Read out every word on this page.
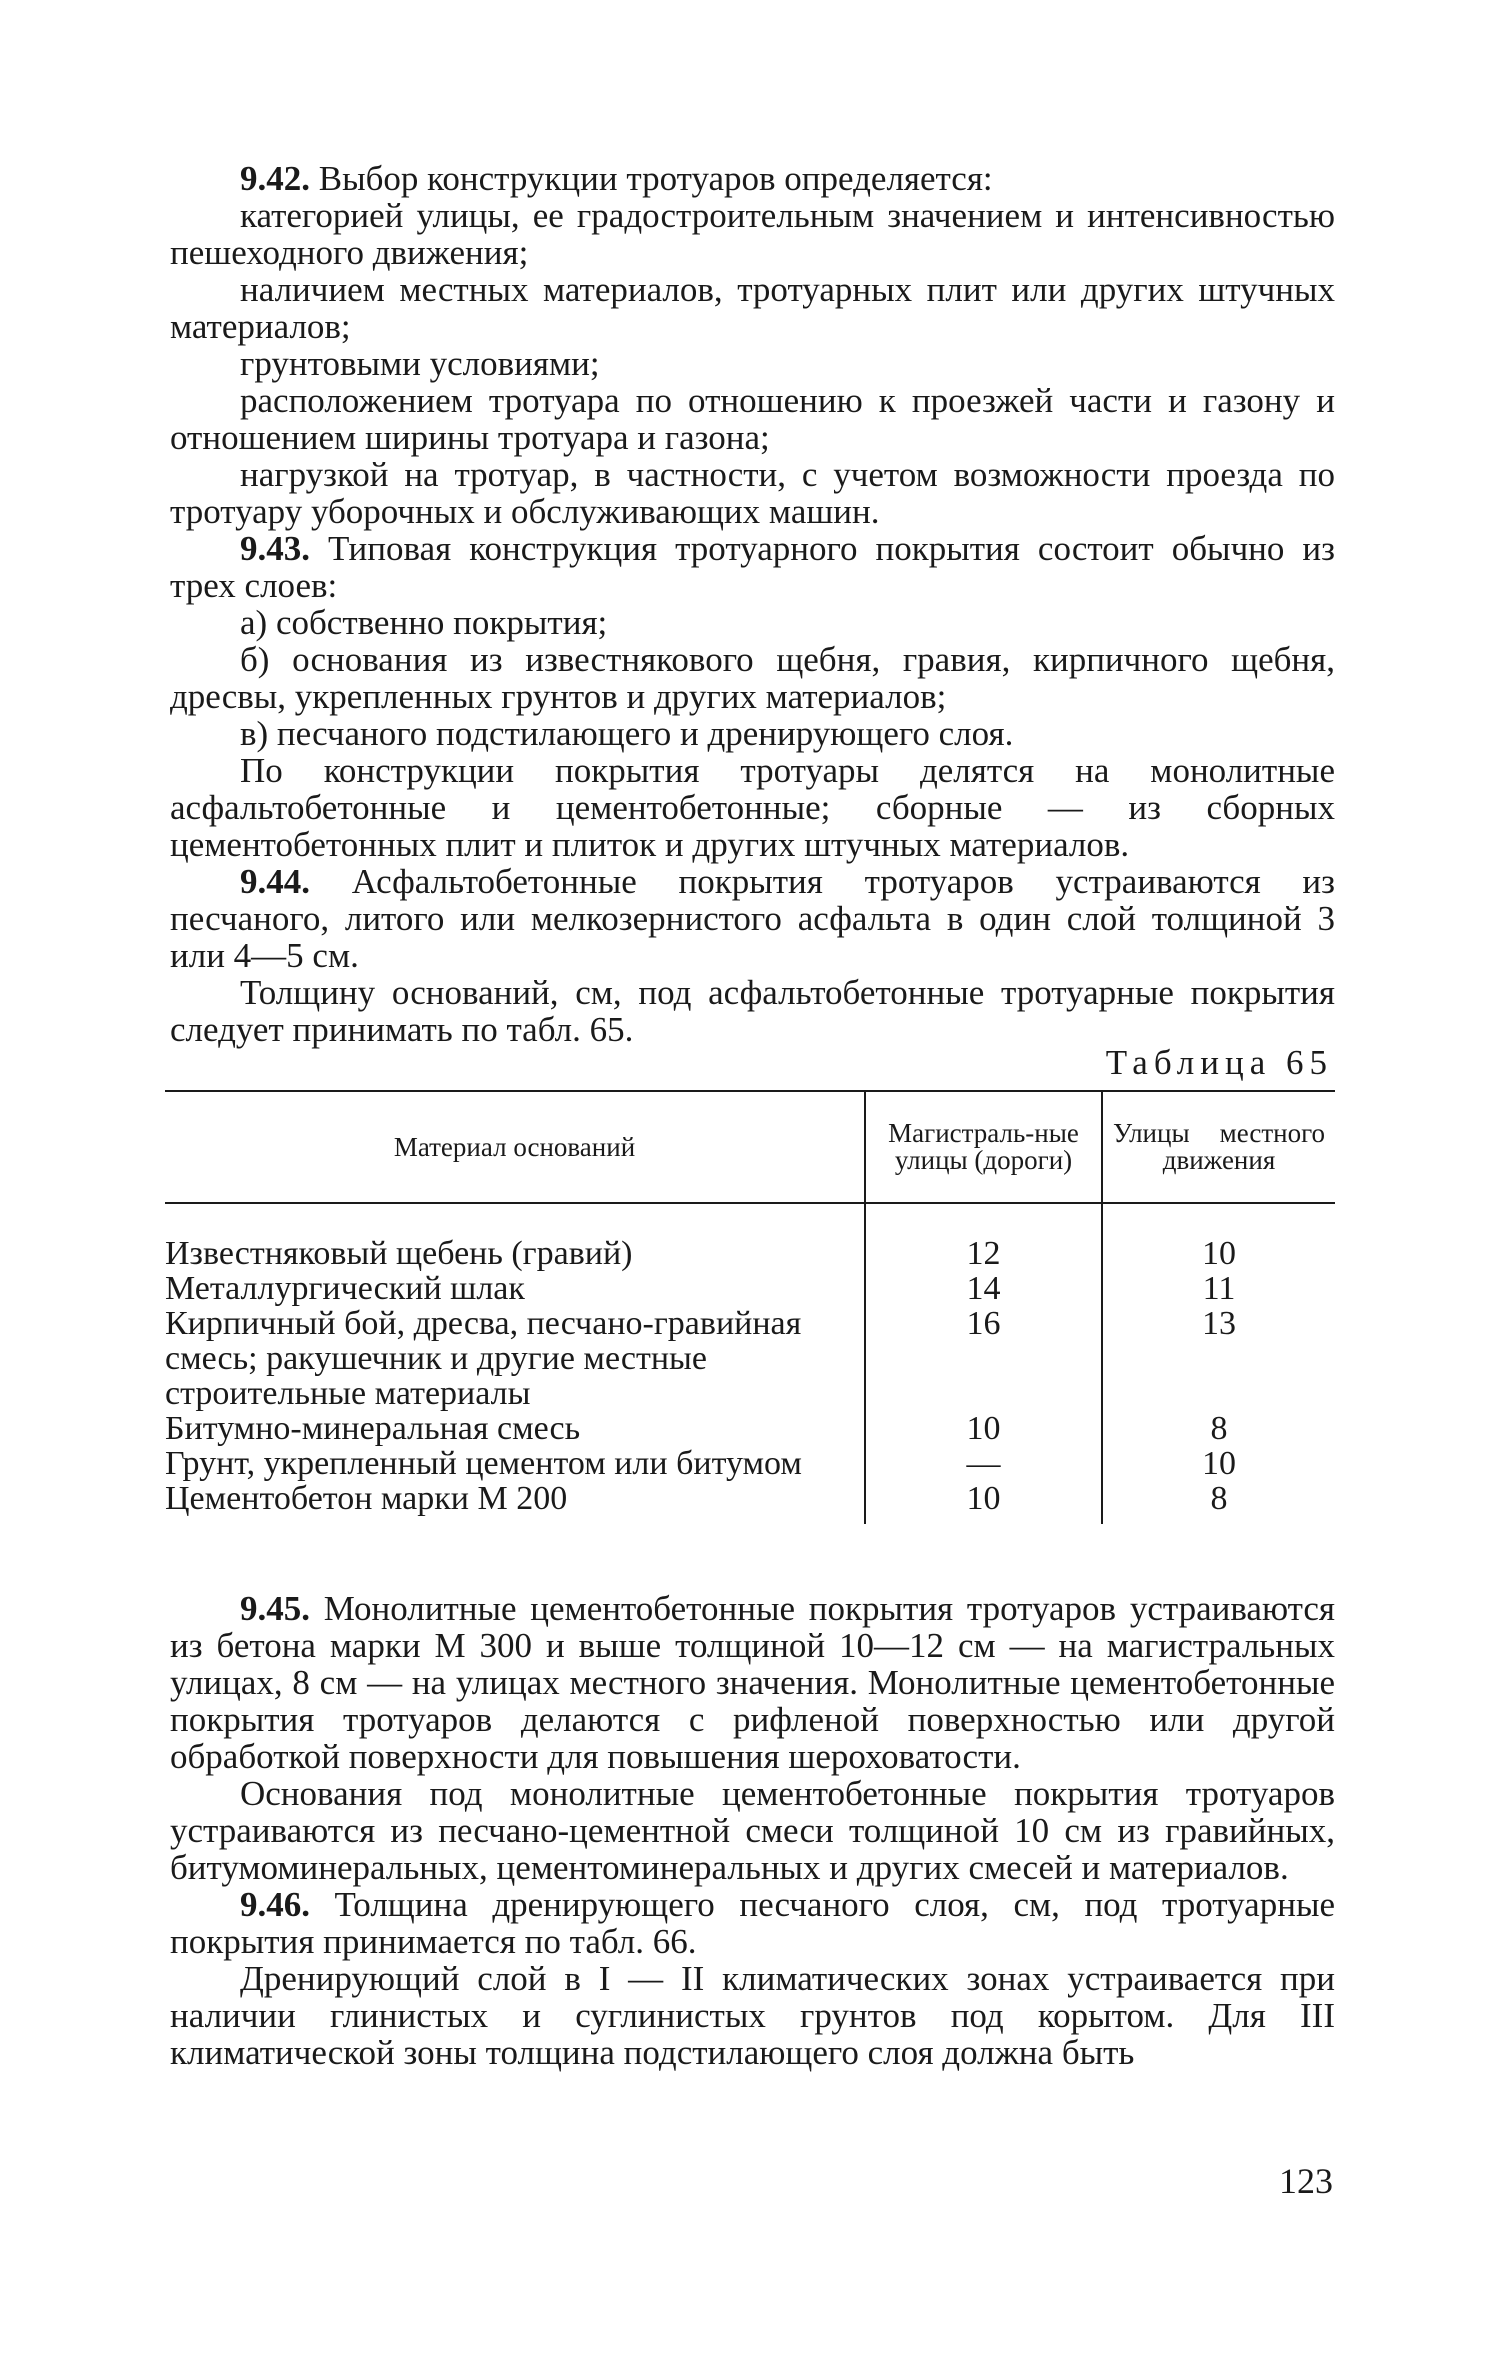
9.42. Выбор конструкции тротуаров определяется:

категорией улицы, ее градостроительным значением и интенсивностью пешеходного движения;

наличием местных материалов, тротуарных плит или других штучных материалов;

грунтовыми условиями;

расположением тротуара по отношению к проезжей части и газону и отношением ширины тротуара и газона;

нагрузкой на тротуар, в частности, с учетом возможности проезда по тротуару уборочных и обслуживающих машин.

9.43. Типовая конструкция тротуарного покрытия состоит обычно из трех слоев:

а) собственно покрытия;

б) основания из известнякового щебня, гравия, кирпичного щебня, дресвы, укрепленных грунтов и других материалов;

в) песчаного подстилающего и дренирующего слоя.

По конструкции покрытия тротуары делятся на монолитные асфальтобетонные и цементобетонные; сборные — из сборных цементобетонных плит и плиток и других штучных материалов.

9.44. Асфальтобетонные покрытия тротуаров устраиваются из песчаного, литого или мелкозернистого асфальта в один слой толщиной 3 или 4—5 см.

Толщину оснований, см, под асфальтобетонные тротуарные покрытия следует принимать по табл. 65.

Таблица 65
Материал оснований	Магистраль-ные улицы (дороги)	Улицы местного движения
Известняковый щебень (гравий)	12	10
Металлургический шлак	14	11
Кирпичный бой, дресва, песчано-гравийная смесь; ракушечник и другие местные строительные материалы	16	13
Битумно-минеральная смесь	10	8
Грунт, укрепленный цементом или битумом	—	10
Цементобетон марки М 200	10	8

9.45. Монолитные цементобетонные покрытия тротуаров устраиваются из бетона марки М 300 и выше толщиной 10—12 см — на магистральных улицах, 8 см — на улицах местного значения. Монолитные цементобетонные покрытия тротуаров делаются с рифленой поверхностью или другой обработкой поверхности для повышения шероховатости.

Основания под монолитные цементобетонные покрытия тротуаров устраиваются из песчано-цементной смеси толщиной 10 см из гравийных, битумоминеральных, цементоминеральных и других смесей и материалов.

9.46. Толщина дренирующего песчаного слоя, см, под тротуарные покрытия принимается по табл. 66.

Дренирующий слой в I — II климатических зонах устраивается при наличии глинистых и суглинистых грунтов под корытом. Для III климатической зоны толщина подстилающего слоя должна быть

123
